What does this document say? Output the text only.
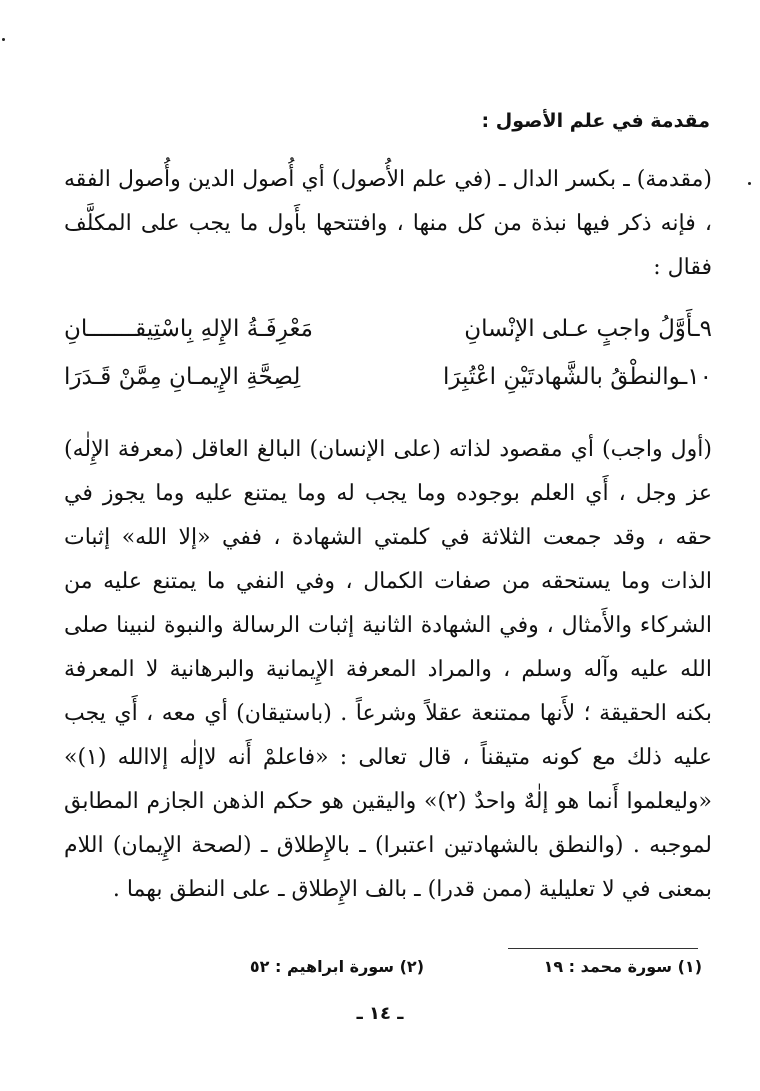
مقدمة في علم الأصول :
(مقدمة) ـ بكسر الدال ـ (في علم الأُصول) أي أُصول الدين وأُصول الفقه ، فإنه ذكر فيها نبذة من كل منها ، وافتتحها بأَول ما يجب على المكلَّف فقال :
٩ـأَوَّلُ واجبٍ عـلى الإنْسانِ
مَعْرِفَـةُ الإِلهِ بِاسْتِيقـــــــانِ
١٠ـوالنطْقُ بالشَّهادتَيْنِ اعْتُبِرَا
لِصِحَّةِ الإِيمـانِ مِمَّنْ قَـدَرَا
(أول واجب) أي مقصود لذاته (على الإنسان) البالغ العاقل (معرفة الإِلٰه) عز وجل ، أَي العلم بوجوده وما يجب له وما يمتنع عليه وما يجوز في حقه ، وقد جمعت الثلاثة في كلمتي الشهادة ، ففي «إلا الله» إثبات الذات وما يستحقه من صفات الكمال ، وفي النفي ما يمتنع عليه من الشركاء والأَمثال ، وفي الشهادة الثانية إثبات الرسالة والنبوة لنبينا صلى الله عليه وآله وسلم ، والمراد المعرفة الإِيمانية والبرهانية لا المعرفة بكنه الحقيقة ؛ لأَنها ممتنعة عقلاً وشرعاً . (باستيقان) أي معه ، أَي يجب عليه ذلك مع كونه متيقناً ، قال تعالى : «فاعلمْ أَنه لاإلٰه إلاالله (١)» «وليعلموا أَنما هو إلٰهٌ واحدٌ (٢)» واليقين هو حكم الذهن الجازم المطابق لموجبه . (والنطق بالشهادتين اعتبرا) ـ بالإِطلاق ـ (لصحة الإِيمان) اللام بمعنى في لا تعليلية (ممن قدرا) ـ بالف الإِطلاق ـ على النطق بهما .
(١) سورة محمد : ١٩
(٢) سورة ابراهيم : ٥٢
ـ ١٤ ـ
